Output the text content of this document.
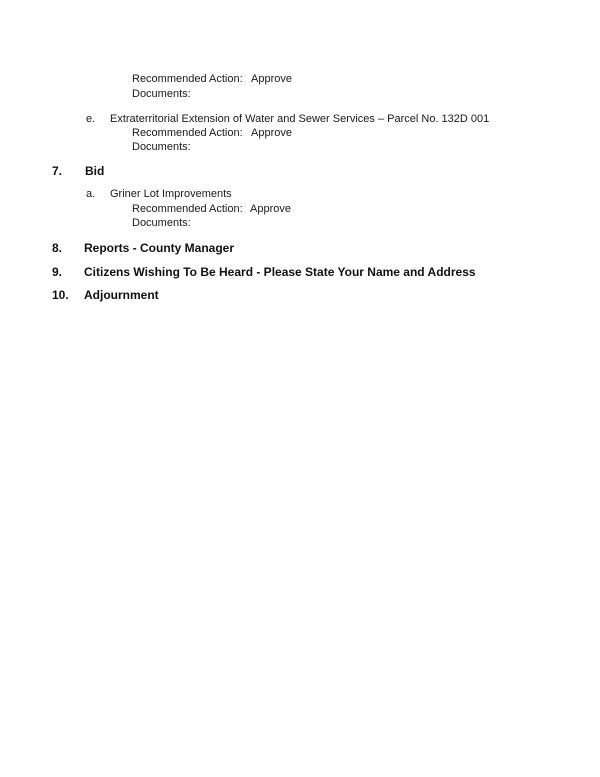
Recommended Action: Approve
Documents:
e. Extraterritorial Extension of Water and Sewer Services – Parcel No. 132D 001
Recommended Action: Approve
Documents:
7. Bid
a. Griner Lot Improvements
Recommended Action: Approve
Documents:
8. Reports - County Manager
9. Citizens Wishing To Be Heard - Please State Your Name and Address
10. Adjournment
